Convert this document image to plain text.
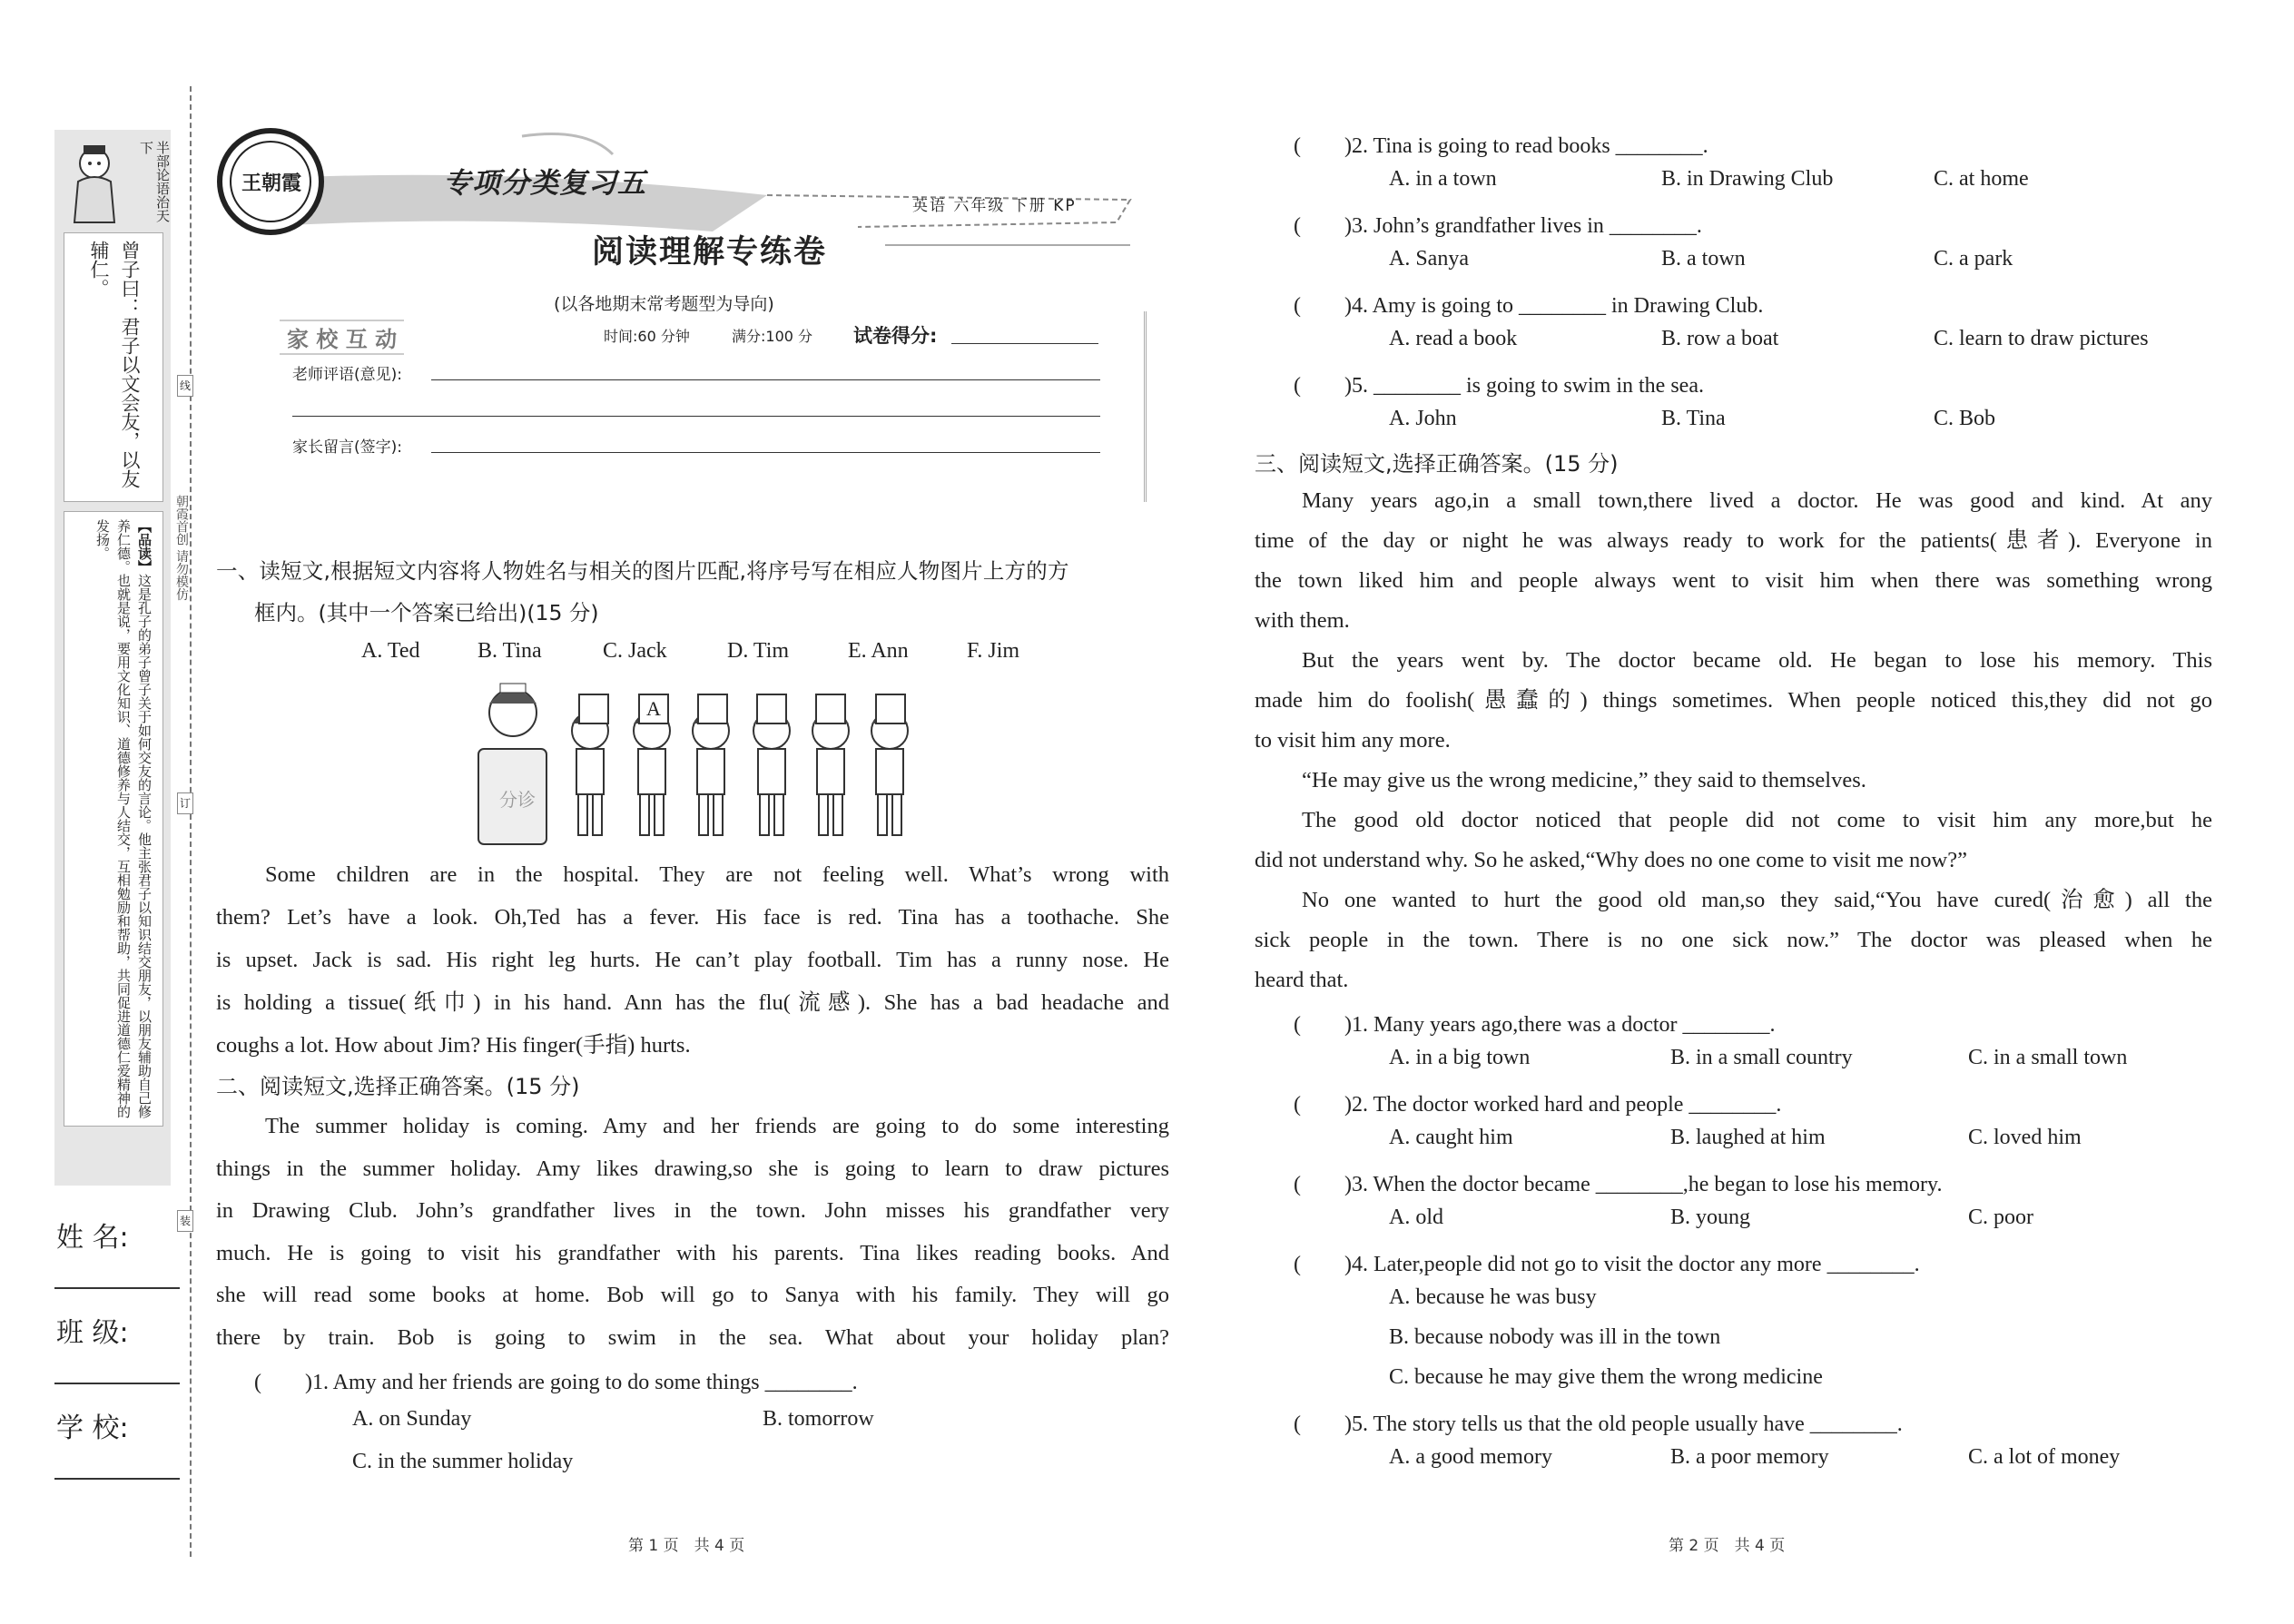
半部论语治天下
曾子曰：君子以文会友，以友辅仁。
【品读】这是孔子的弟子曾子关于如何交友的言论。他主张君子以知识结交朋友，以朋友辅助自己修养仁德。也就是说，要用文化知识、道德修养与人结交，互相勉励和帮助，共同促进道德仁爱精神的发扬。
线
订
装
朝霞首创 请勿模仿
姓 名:
班 级:
学 校:
王朝霞	专项分类复习五
英语 六年级 下册 KP
阅读理解专练卷
(以各地期末常考题型为导向)
家 校 互 动	时间:60 分钟	满分:100 分 试卷得分:
老师评语(意见):
家长留言(签字):
一、读短文,根据短文内容将人物姓名与相关的图片匹配,将序号写在相应人物图片上方的方
框内。(其中一个答案已给出)(15 分)
A. Ted	B. Tina	C. Jack	D. Tim	E. Ann	F. Jim
分诊
A
Some children are in the hospital. They are not feeling well. What’s wrong with
them? Let’s have a look. Oh,Ted has a fever. His face is red. Tina has a toothache. She
is upset. Jack is sad. His right leg hurts. He can’t play football. Tim has a runny nose. He
is holding a tissue(纸巾) in his hand. Ann has the flu(流感). She has a bad headache and
coughs a lot. How about Jim? His finger(手指) hurts.
二、阅读短文,选择正确答案。(15 分)
The summer holiday is coming. Amy and her friends are going to do some interesting
things in the summer holiday. Amy likes drawing,so she is going to learn to draw pictures
in Drawing Club. John’s grandfather lives in the town. John misses his grandfather very
much. He is going to visit his grandfather with his parents. Tina likes reading books. And
she will read some books at home. Bob will go to Sanya with his family. They will go
there by train. Bob is going to swim in the sea. What about your holiday plan?
(　　)1. Amy and her friends are going to do some things ________.
A. on Sunday	B. tomorrow
C. in the summer holiday
第 1 页　共 4 页
(　　)2. Tina is going to read books ________.
A. in a town	B. in Drawing Club	C. at home
(　　)3. John’s grandfather lives in ________.
A. Sanya	B. a town	C. a park
(　　)4. Amy is going to ________ in Drawing Club.
A. read a book	B. row a boat	C. learn to draw pictures
(　　)5. ________ is going to swim in the sea.
A. John	B. Tina	C. Bob
三、阅读短文,选择正确答案。(15 分)
Many years ago,in a small town,there lived a doctor. He was good and kind. At any
time of the day or night he was always ready to work for the patients(患者). Everyone in
the town liked him and people always went to visit him when there was something wrong
with them.
But the years went by. The doctor became old. He began to lose his memory. This
made him do foolish(愚蠢的) things sometimes. When people noticed this,they did not go
to visit him any more.
“He may give us the wrong medicine,” they said to themselves.
The good old doctor noticed that people did not come to visit him any more,but he
did not understand why. So he asked,“Why does no one come to visit me now?”
No one wanted to hurt the good old man,so they said,“You have cured(治愈) all the
sick people in the town. There is no one sick now.” The doctor was pleased when he
heard that.
(　　)1. Many years ago,there was a doctor ________.
A. in a big town	B. in a small country	C. in a small town
(　　)2. The doctor worked hard and people ________.
A. caught him	B. laughed at him	C. loved him
(　　)3. When the doctor became ________,he began to lose his memory.
A. old	B. young	C. poor
(　　)4. Later,people did not go to visit the doctor any more ________.
A. because he was busy
B. because nobody was ill in the town
C. because he may give them the wrong medicine
(　　)5. The story tells us that the old people usually have ________.
A. a good memory	B. a poor memory	C. a lot of money
第 2 页　共 4 页
